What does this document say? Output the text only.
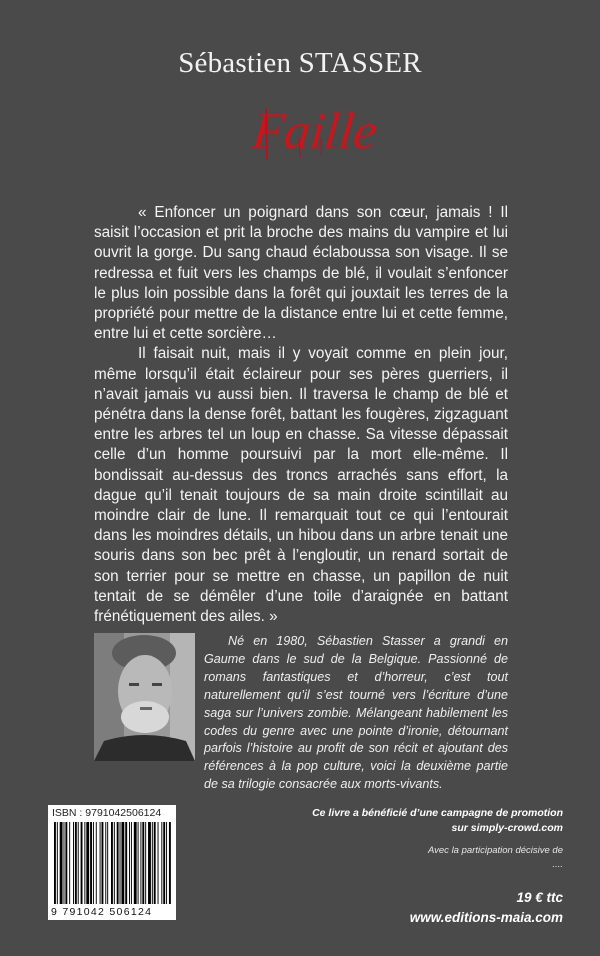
Sébastien STASSER
Faille

« Enfoncer un poignard dans son cœur, jamais ! Il saisit l’occasion et prit la broche des mains du vampire et lui ouvrit la gorge. Du sang chaud éclaboussa son visage. Il se redressa et fuit vers les champs de blé, il voulait s’enfoncer le plus loin possible dans la forêt qui jouxtait les terres de la propriété pour mettre de la distance entre lui et cette femme, entre lui et cette sorcière…

Il faisait nuit, mais il y voyait comme en plein jour, même lorsqu’il était éclaireur pour ses pères guerriers, il n’avait jamais vu aussi bien. Il traversa le champ de blé et pénétra dans la dense forêt, battant les fougères, zigzaguant entre les arbres tel un loup en chasse. Sa vitesse dépassait celle d’un homme poursuivi par la mort elle-même. Il bondissait au-dessus des troncs arrachés sans effort, la dague qu’il tenait toujours de sa main droite scintillait au moindre clair de lune. Il remarquait tout ce qui l’entourait dans les moindres détails, un hibou dans un arbre tenait une souris dans son bec prêt à l’engloutir, un renard sortait de son terrier pour se mettre en chasse, un papillon de nuit tentait de se démêler d’une toile d’araignée en battant frénétiquement des ailes. »

Né en 1980, Sébastien Stasser a grandi en Gaume dans le sud de la Belgique. Passionné de romans fantastiques et d’horreur, c’est tout naturellement qu’il s’est tourné vers l’écriture d’une saga sur l’univers zombie. Mélangeant habilement les codes du genre avec une pointe d’ironie, détournant parfois l’histoire au profit de son récit et ajoutant des références à la pop culture, voici la deuxième partie de sa trilogie consacrée aux morts-vivants.
ISBN : 9791042506124
9 791042 506124
Ce livre a bénéficié d’une campagne de promotion
sur simply-crowd.com
Avec la participation décisive de
....
19 € ttc
www.editions-maia.com
